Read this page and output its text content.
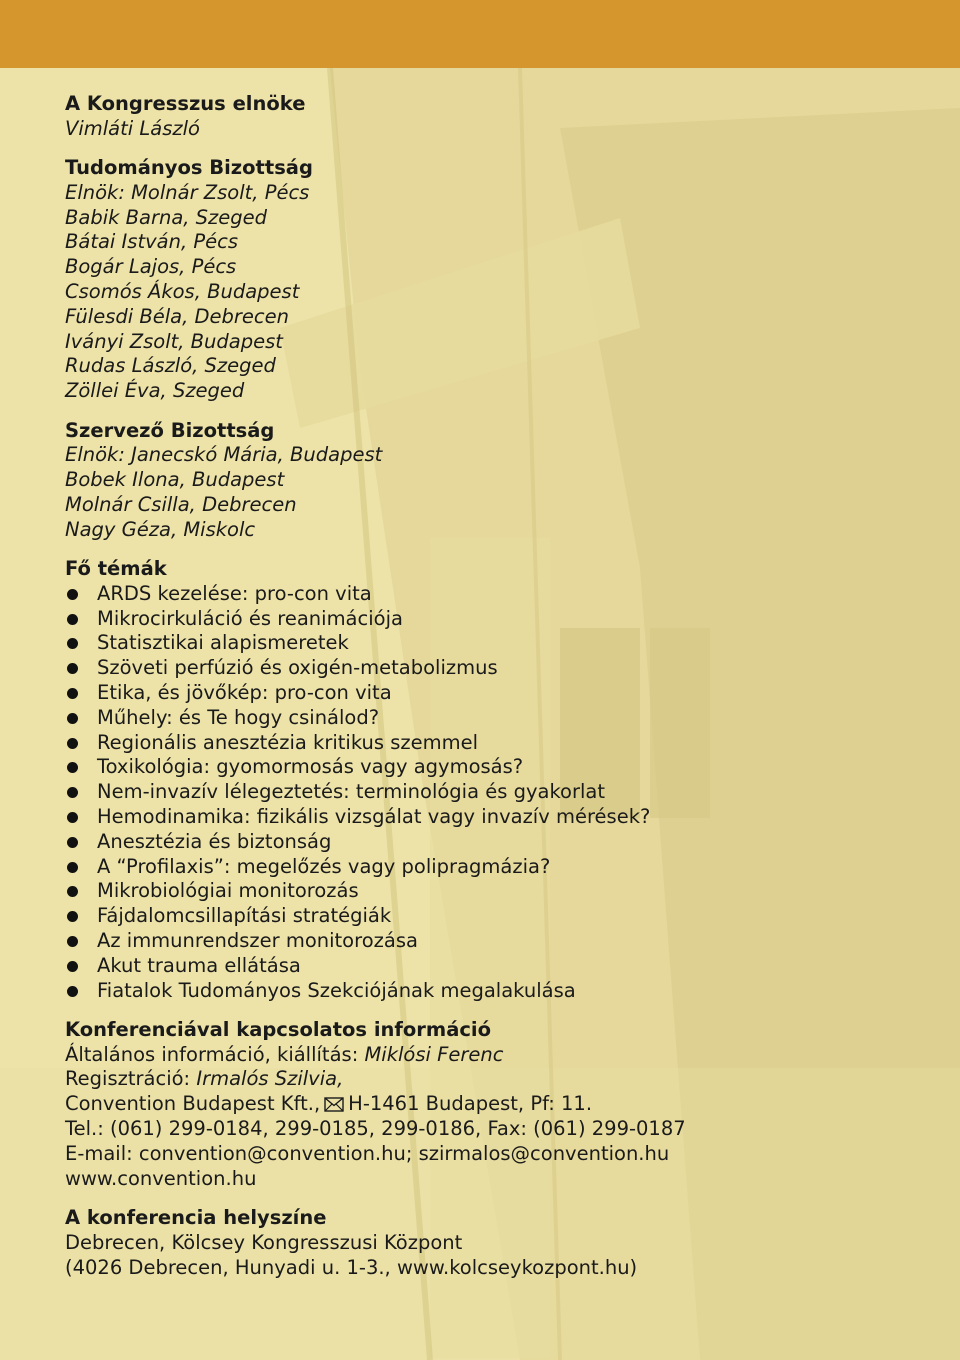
A Kongresszus elnöke
Vimláti László
Tudományos Bizottság
Elnök: Molnár Zsolt, Pécs
Babik Barna, Szeged
Bátai István, Pécs
Bogár Lajos, Pécs
Csomós Ákos, Budapest
Fülesdi Béla, Debrecen
Iványi Zsolt, Budapest
Rudas László, Szeged
Zöllei Éva, Szeged
Szervező Bizottság
Elnök: Janecskó Mária, Budapest
Bobek Ilona, Budapest
Molnár Csilla, Debrecen
Nagy Géza, Miskolc
Fő témák
ARDS kezelése: pro-con vita
Mikrocirkuláció és reanimációja
Statisztikai alapismeretek
Szöveti perfúzió és oxigén-metabolizmus
Etika, és jövőkép: pro-con vita
Műhely: és Te hogy csinálod?
Regionális anesztézia kritikus szemmel
Toxikológia: gyomormosás vagy agymosás?
Nem-invazív lélegeztetés: terminológia és gyakorlat
Hemodinamika: fizikális vizsgálat vagy invazív mérések?
Anesztézia és biztonság
A “Profilaxis”: megelőzés vagy polipragmázia?
Mikrobiológiai monitorozás
Fájdalomcsillapítási stratégiák
Az immunrendszer monitorozása
Akut trauma ellátása
Fiatalok Tudományos Szekciójának megalakulása
Konferenciával kapcsolatos információ
Általános információ, kiállítás: Miklósi Ferenc
Regisztráció: Irmalós Szilvia,
Convention Budapest Kft., H-1461 Budapest, Pf: 11.
Tel.: (061) 299-0184, 299-0185, 299-0186, Fax: (061) 299-0187
E-mail: convention@convention.hu; szirmalos@convention.hu
www.convention.hu
A konferencia helyszíne
Debrecen, Kölcsey Kongresszusi Központ
(4026 Debrecen, Hunyadi u. 1-3., www.kolcseykozpont.hu)
